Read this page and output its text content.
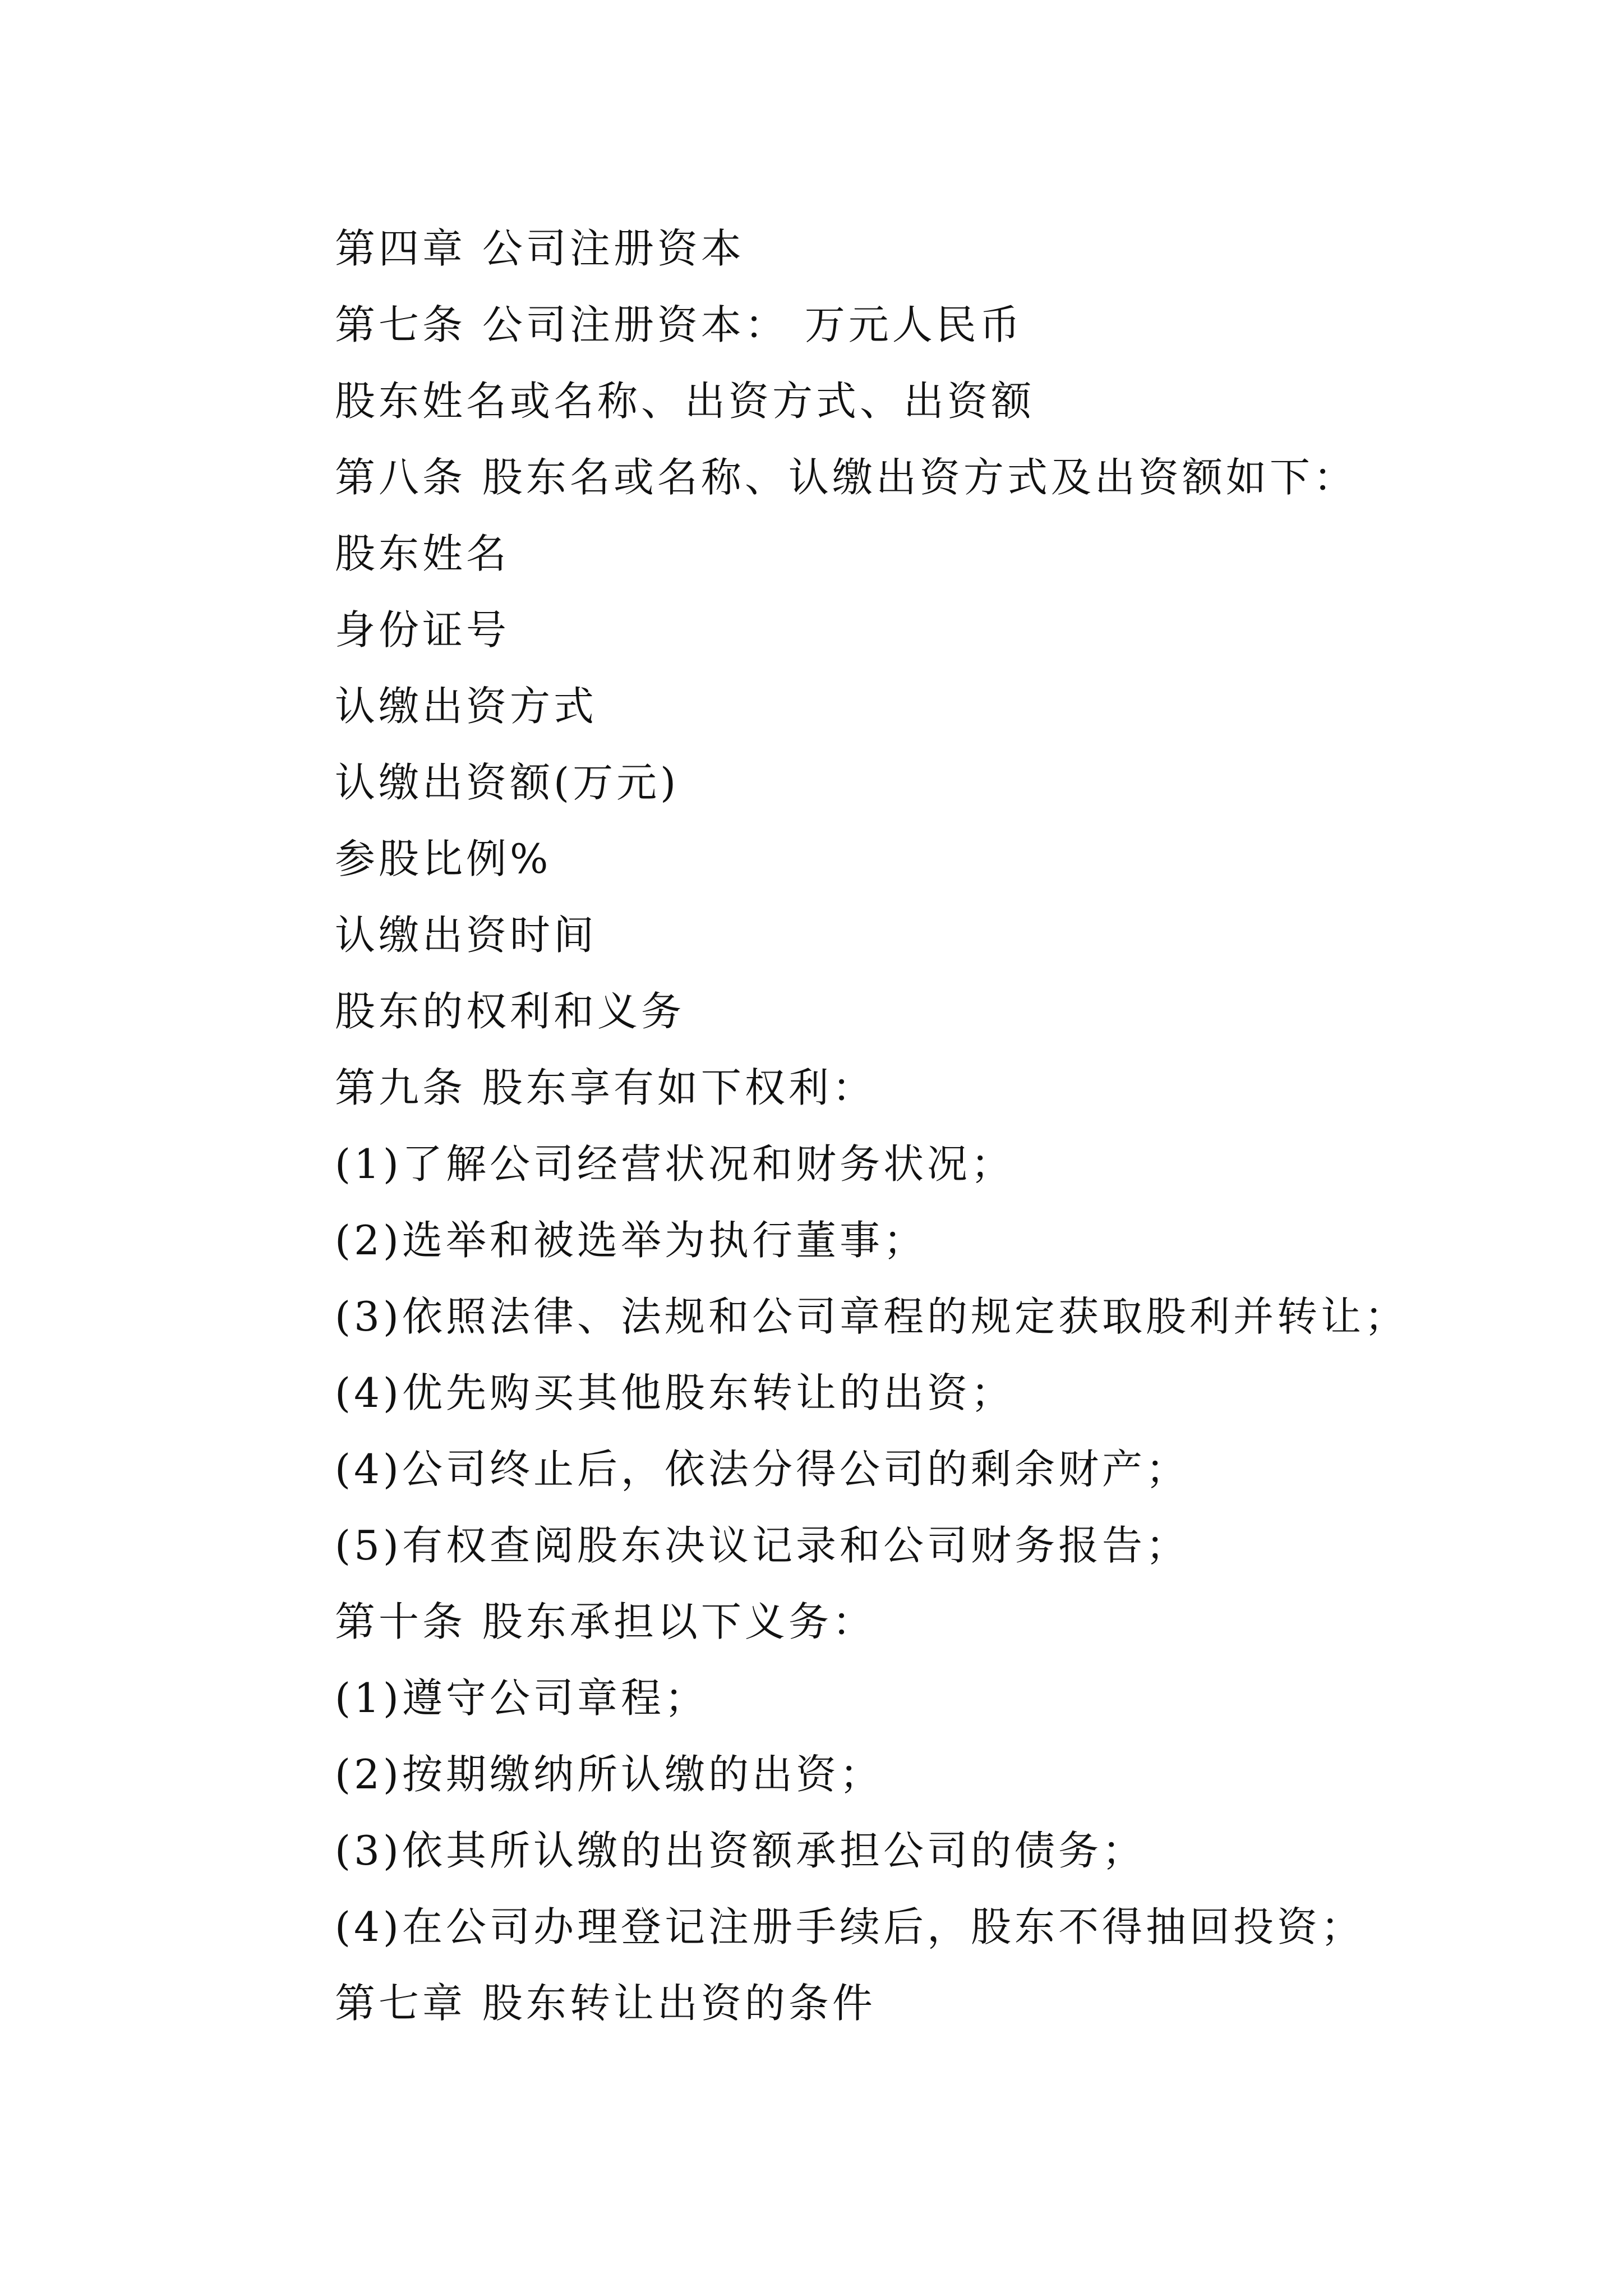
第四章 公司注册资本
第七条 公司注册资本： 万元人民币
股东姓名或名称、出资方式、出资额
第八条 股东名或名称、认缴出资方式及出资额如下：
股东姓名
身份证号
认缴出资方式
认缴出资额(万元)
参股比例%
认缴出资时间
股东的权利和义务
第九条 股东享有如下权利：
(1)了解公司经营状况和财务状况；
(2)选举和被选举为执行董事；
(3)依照法律、法规和公司章程的规定获取股利并转让；
(4)优先购买其他股东转让的出资；
(4)公司终止后，依法分得公司的剩余财产；
(5)有权查阅股东决议记录和公司财务报告；
第十条 股东承担以下义务：
(1)遵守公司章程；
(2)按期缴纳所认缴的出资；
(3)依其所认缴的出资额承担公司的债务；
(4)在公司办理登记注册手续后，股东不得抽回投资；
第七章 股东转让出资的条件
